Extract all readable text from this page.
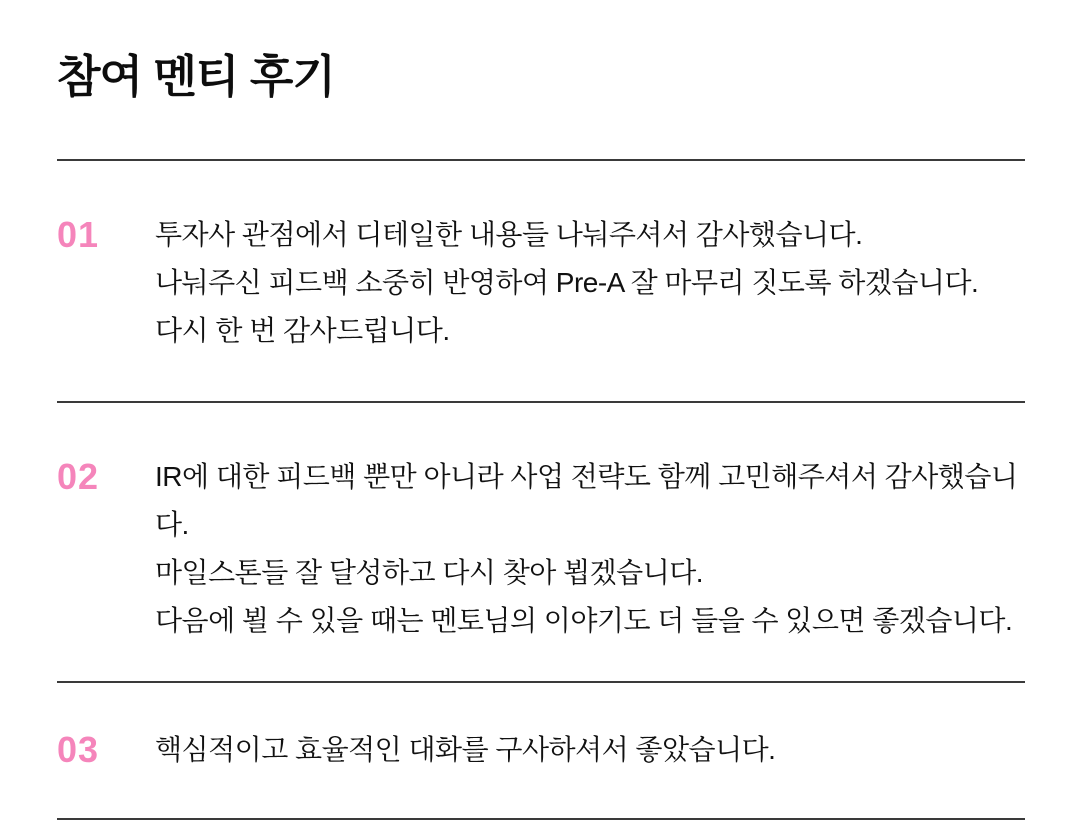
참여 멘티 후기
01	투자사 관점에서 디테일한 내용들 나눠주셔서 감사했습니다.
나눠주신 피드백 소중히 반영하여 Pre-A 잘 마무리 짓도록 하겠습니다.
다시 한 번 감사드립니다.
02	IR에 대한 피드백 뿐만 아니라 사업 전략도 함께 고민해주셔서 감사했습니다.
마일스톤들 잘 달성하고 다시 찾아 뵙겠습니다.
다음에 뵐 수 있을 때는 멘토님의 이야기도 더 들을 수 있으면 좋겠습니다.
03	핵심적이고 효율적인 대화를 구사하셔서 좋았습니다.
